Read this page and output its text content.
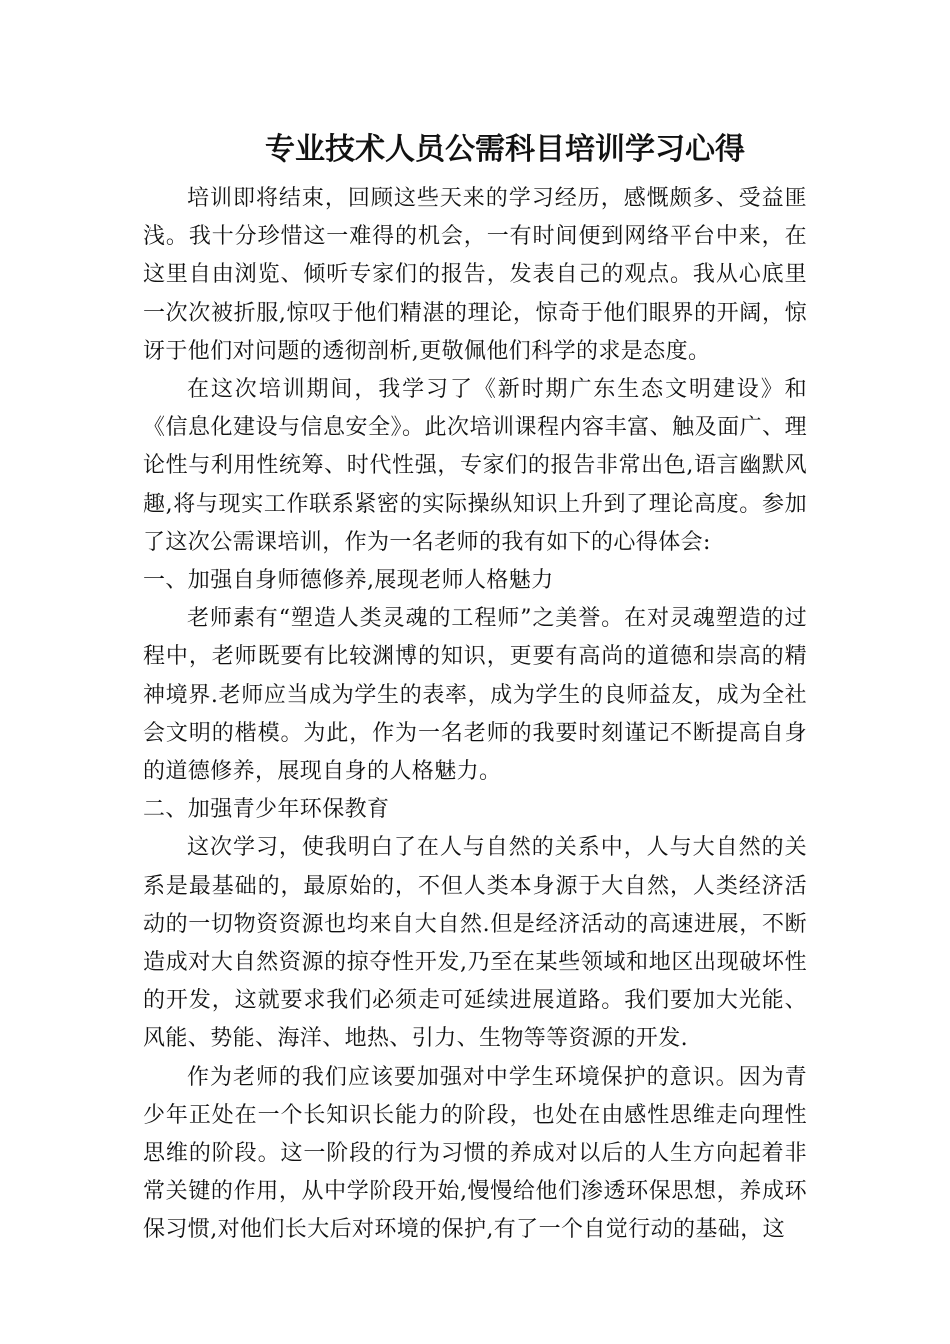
专业技术人员公需科目培训学习心得

培训即将结束，回顾这些天来的学习经历，感慨颇多、受益匪浅。我十分珍惜这一难得的机会，一有时间便到网络平台中来，在这里自由浏览、倾听专家们的报告，发表自己的观点。我从心底里一次次被折服,惊叹于他们精湛的理论，惊奇于他们眼界的开阔，惊讶于他们对问题的透彻剖析,更敬佩他们科学的求是态度。

在这次培训期间，我学习了《新时期广东生态文明建设》和《信息化建设与信息安全》。此次培训课程内容丰富、触及面广、理论性与利用性统筹、时代性强，专家们的报告非常出色,语言幽默风趣,将与现实工作联系紧密的实际操纵知识上升到了理论高度。参加了这次公需课培训，作为一名老师的我有如下的心得体会:

一、加强自身师德修养,展现老师人格魅力

老师素有“塑造人类灵魂的工程师”之美誉。在对灵魂塑造的过程中，老师既要有比较渊博的知识，更要有高尚的道德和崇高的精神境界.老师应当成为学生的表率，成为学生的良师益友，成为全社会文明的楷模。为此，作为一名老师的我要时刻谨记不断提高自身的道德修养，展现自身的人格魅力。

二、加强青少年环保教育

这次学习，使我明白了在人与自然的关系中，人与大自然的关系是最基础的，最原始的，不但人类本身源于大自然，人类经济活动的一切物资资源也均来自大自然.但是经济活动的高速进展，不断造成对大自然资源的掠夺性开发,乃至在某些领域和地区出现破坏性的开发，这就要求我们必须走可延续进展道路。我们要加大光能、风能、势能、海洋、地热、引力、生物等等资源的开发.

作为老师的我们应该要加强对中学生环境保护的意识。因为青少年正处在一个长知识长能力的阶段，也处在由感性思维走向理性思维的阶段。这一阶段的行为习惯的养成对以后的人生方向起着非常关键的作用，从中学阶段开始,慢慢给他们渗透环保思想，养成环保习惯,对他们长大后对环境的保护,有了一个自觉行动的基础，这
